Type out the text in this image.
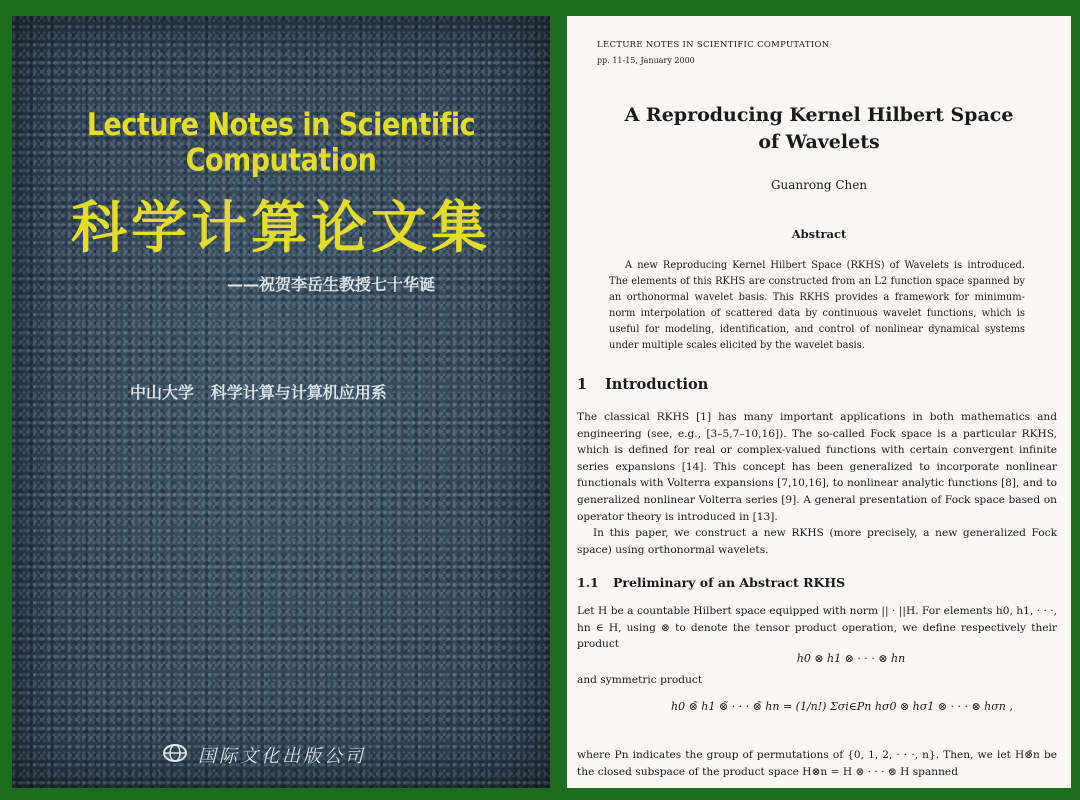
Lecture Notes in Scientific Computation
科学计算论文集
——祝贺李岳生教授七十华诞
中山大学   科学计算与计算机应用系
国际文化出版公司
LECTURE NOTES IN SCIENTIFIC COMPUTATION
pp. 11-15, January 2000
A Reproducing Kernel Hilbert Space
of Wavelets
Guanrong Chen
Abstract
A new Reproducing Kernel Hilbert Space (RKHS) of Wavelets is introduced. The elements of this RKHS are constructed from an L2 function space spanned by an orthonormal wavelet basis. This RKHS provides a framework for minimum-norm interpolation of scattered data by continuous wavelet functions, which is useful for modeling, identification, and control of nonlinear dynamical systems under multiple scales elicited by the wavelet basis.
1 Introduction
The classical RKHS [1] has many important applications in both mathematics and engineering (see, e.g., [3–5,7–10,16]). The so-called Fock space is a particular RKHS, which is defined for real or complex-valued functions with certain convergent infinite series expansions [14]. This concept has been generalized to incorporate nonlinear functionals with Volterra expansions [7,10,16], to nonlinear analytic functions [8], and to generalized nonlinear Volterra series [9]. A general presentation of Fock space based on operator theory is introduced in [13].
In this paper, we construct a new RKHS (more precisely, a new generalized Fock space) using orthonormal wavelets.
1.1 Preliminary of an Abstract RKHS
Let H be a countable Hilbert space equipped with norm || · ||H. For elements h0, h1, · · ·, hn ∈ H, using ⊗ to denote the tensor product operation, we define respectively their product
h0 ⊗ h1 ⊗ · · · ⊗ hn
and symmetric product
h0 ⊗̃ h1 ⊗̃ · · · ⊗̃ hn = (1/n!) Σσi∈Pn hσ0 ⊗ hσ1 ⊗ · · · ⊗ hσn ,
where Pn indicates the group of permutations of {0, 1, 2, · · ·, n}. Then, we let H⊗̃n be the closed subspace of the product space H⊗n = H ⊗ · · · ⊗ H spanned
